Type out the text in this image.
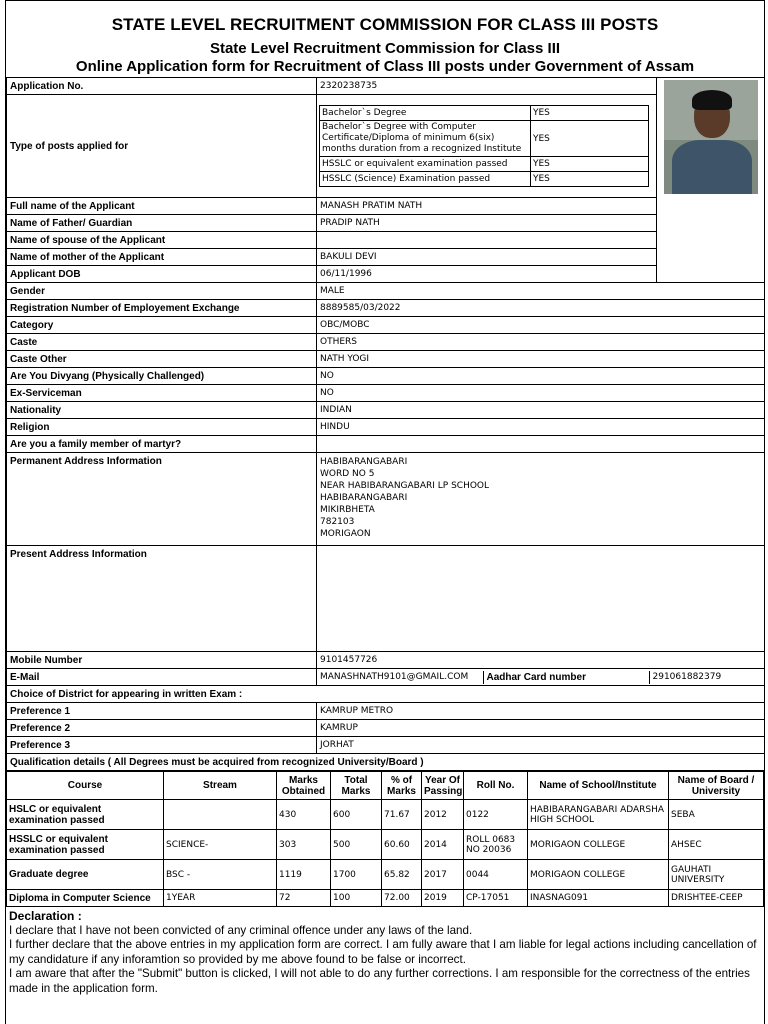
STATE LEVEL RECRUITMENT COMMISSION FOR CLASS III POSTS
State Level Recruitment Commission for Class III
Online Application form for Recruitment of Class III posts under Government of Assam
Application No.	2320238735	

Type of posts applied for	
Bachelor`s Degree	YES
Bachelor`s Degree with Computer Certificate/Diploma of minimum 6(six) months duration from a recognized Institute	YES
HSSLC or equivalent examination passed	YES
HSSLC (Science) Examination passed	YES

Full name of the Applicant	MANASH PRATIM NATH
Name of Father/ Guardian	PRADIP NATH
Name of spouse of the Applicant	
Name of mother of the Applicant	BAKULI DEVI
Applicant DOB	06/11/1996
Gender	MALE
Registration Number of Employement Exchange	8889585/03/2022
Category	OBC/MOBC
Caste	OTHERS
Caste Other	NATH YOGI
Are You Divyang (Physically Challenged)	NO
Ex-Serviceman	NO
Nationality	INDIAN
Religion	HINDU
Are you a family member of martyr?	
Permanent Address Information	HABIBARANGABARI
WORD NO 5
NEAR HABIBARANGABARI LP SCHOOL
HABIBARANGABARI
MIKIRBHETA
782103
MORIGAON
Present Address Information	
Mobile Number	9101457726
E-Mail		MANASHNATH9101@GMAIL.COM	Aadhar Card number	291061882379

Choice of District for appearing in written Exam :
Preference 1	KAMRUP METRO
Preference 2	KAMRUP
Preference 3	JORHAT
Qualification details ( All Degrees must be acquired from recognized University/Board )
Course	Stream	Marks Obtained	Total Marks	% of Marks	Year Of Passing	Roll No.	Name of School/Institute	Name of Board / University
HSLC or equivalent examination passed		430	600	71.67	2012	0122	HABIBARANGABARI ADARSHA HIGH SCHOOL	SEBA
HSSLC or equivalent examination passed	SCIENCE-	303	500	60.60	2014	ROLL 0683 NO 20036	MORIGAON COLLEGE	AHSEC
Graduate degree	BSC -	1119	1700	65.82	2017	0044	MORIGAON COLLEGE	GAUHATI UNIVERSITY
Diploma in Computer Science	1YEAR	72	100	72.00	2019	CP-17051	INASNAG091	DRISHTEE-CEEP
Declaration :
I declare that I have not been convicted of any criminal offence under any laws of the land.
I further declare that the above entries in my application form are correct. I am fully aware that I am liable for legal actions including cancellation of my candidature if any inforamtion so provided by me above found to be false or incorrect.
I am aware that after the "Submit" button is clicked, I will not able to do any further corrections. I am responsible for the correctness of the entries made in the application form.
